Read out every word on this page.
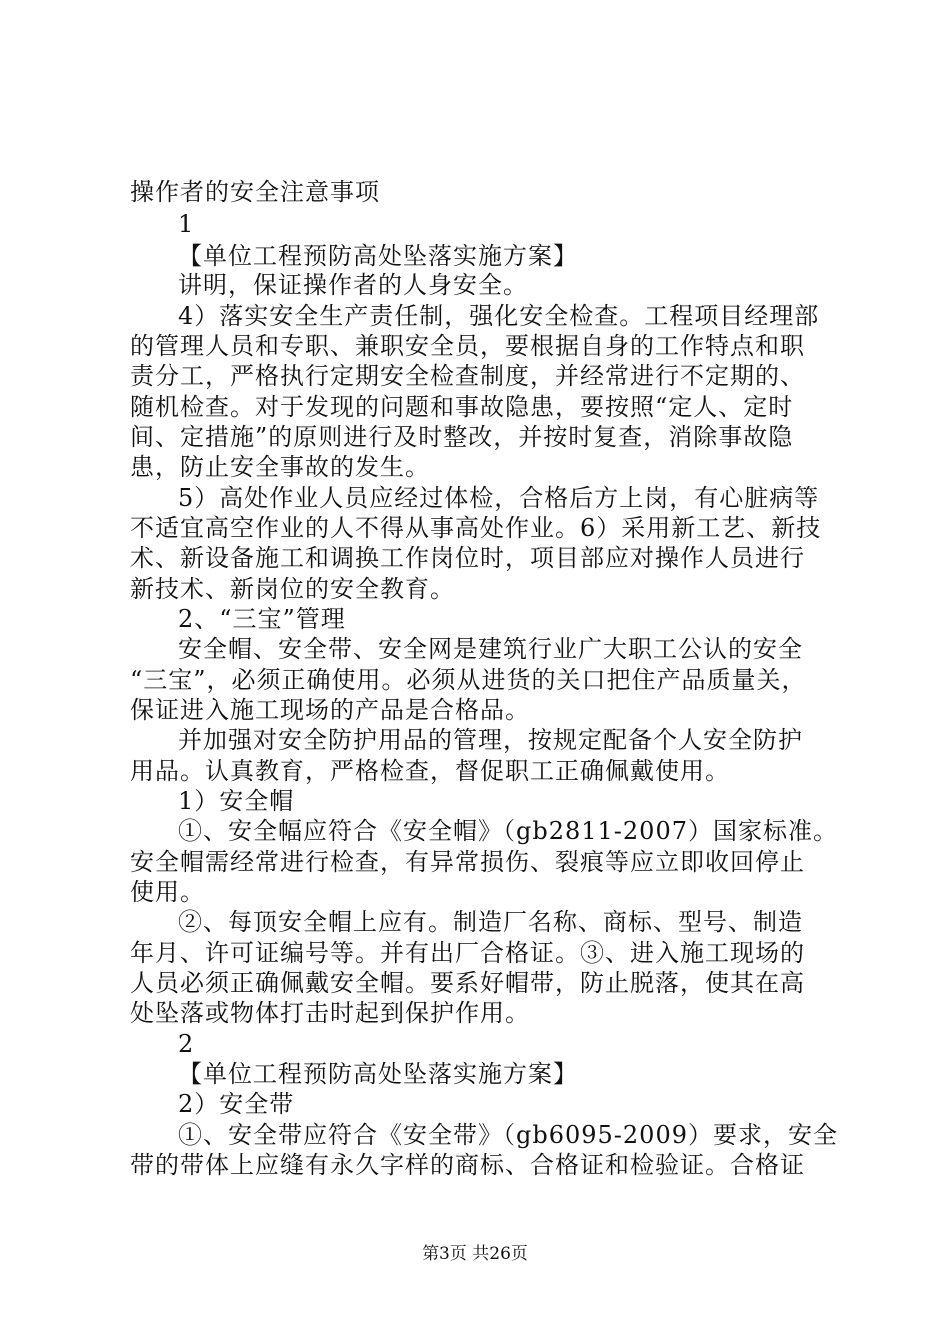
操作者的安全注意事项
1
【单位工程预防高处坠落实施方案】
讲明，保证操作者的人身安全。
4）落实安全生产责任制，强化安全检查。工程项目经理部
的管理人员和专职、兼职安全员，要根据自身的工作特点和职
责分工，严格执行定期安全检查制度，并经常进行不定期的、
随机检查。对于发现的问题和事故隐患，要按照“定人、定时
间、定措施”的原则进行及时整改，并按时复查，消除事故隐
患，防止安全事故的发生。
5）高处作业人员应经过体检，合格后方上岗，有心脏病等
不适宜高空作业的人不得从事高处作业。6）采用新工艺、新技
术、新设备施工和调换工作岗位时，项目部应对操作人员进行
新技术、新岗位的安全教育。
2、“三宝”管理
安全帽、安全带、安全网是建筑行业广大职工公认的安全
“三宝”，必须正确使用。必须从进货的关口把住产品质量关，
保证进入施工现场的产品是合格品。
并加强对安全防护用品的管理，按规定配备个人安全防护
用品。认真教育，严格检查，督促职工正确佩戴使用。
1）安全帽
①、安全幅应符合《安全帽》（gb2811-2007）国家标准。
安全帽需经常进行检查，有异常损伤、裂痕等应立即收回停止
使用。
②、每顶安全帽上应有。制造厂名称、商标、型号、制造
年月、许可证编号等。并有出厂合格证。③、进入施工现场的
人员必须正确佩戴安全帽。要系好帽带，防止脱落，使其在高
处坠落或物体打击时起到保护作用。
2
【单位工程预防高处坠落实施方案】
2）安全带
①、安全带应符合《安全带》（gb6095-2009）要求，安全
带的带体上应缝有永久字样的商标、合格证和检验证。合格证
第3页 共26页
